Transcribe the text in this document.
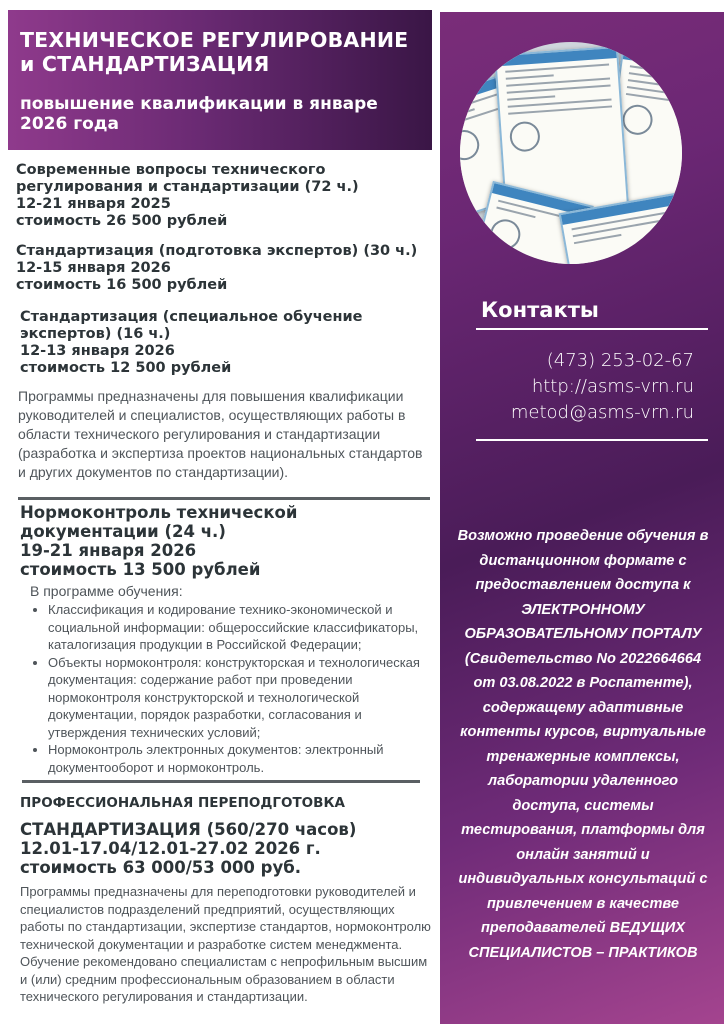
ТЕХНИЧЕСКОЕ РЕГУЛИРОВАНИЕ и СТАНДАРТИЗАЦИЯ
повышение квалификации в январе 2026 года

Контакты

(473) 253-02-67
http://asms-vrn.ru
metod@asms-vrn.ru

Возможно проведение обучения в дистанционном формате с предоставлением доступа к ЭЛЕКТРОННОМУ ОБРАЗОВАТЕЛЬНОМУ ПОРТАЛУ (Свидетельство No 2022664664 от 03.08.2022 в Роспатенте), содержащему адаптивные контенты курсов, виртуальные тренажерные комплексы, лаборатории удаленного доступа, системы тестирования, платформы для онлайн занятий и индивидуальных консультаций с привлечением в качестве преподавателей ВЕДУЩИХ СПЕЦИАЛИСТОВ – ПРАКТИКОВ

Современные вопросы технического регулирования и стандартизации (72 ч.)
12-21 января 2025
стоимость 26 500 рублей

Стандартизация (подготовка экспертов) (30 ч.)
12-15 января 2026
стоимость 16 500 рублей

Стандартизация (специальное обучение экспертов) (16 ч.)
12-13 января 2026
стоимость 12 500 рублей

Программы предназначены для повышения квалификации руководителей и специалистов, осуществляющих работы в области технического регулирования и стандартизации (разработка и экспертиза проектов национальных стандартов и других документов по стандартизации).

Нормоконтроль технической документации (24 ч.)
19-21 января 2026
стоимость 13 500 рублей

В программе обучения:

• Классификация и кодирование технико-экономической и социальной информации: общероссийские классификаторы, каталогизация продукции в Российской Федерации;
• Объекты нормоконтроля: конструкторская и технологическая документация: содержание работ при проведении нормоконтроля конструкторской и технологической документации, порядок разработки, согласования и утверждения технических условий;
• Нормоконтроль электронных документов: электронный документооборот и нормоконтроль.

ПРОФЕССИОНАЛЬНАЯ ПЕРЕПОДГОТОВКА

СТАНДАРТИЗАЦИЯ (560/270 часов)
12.01-17.04/12.01-27.02 2026 г.
стоимость 63 000/53 000 руб.

Программы предназначены для переподготовки руководителей и специалистов подразделений предприятий, осуществляющих работы по стандартизации, экспертизе стандартов, нормоконтролю технической документации и разработке систем менеджмента. Обучение рекомендовано специалистам с непрофильным высшим и (или) средним профессиональным образованием в области технического регулирования и стандартизации.
